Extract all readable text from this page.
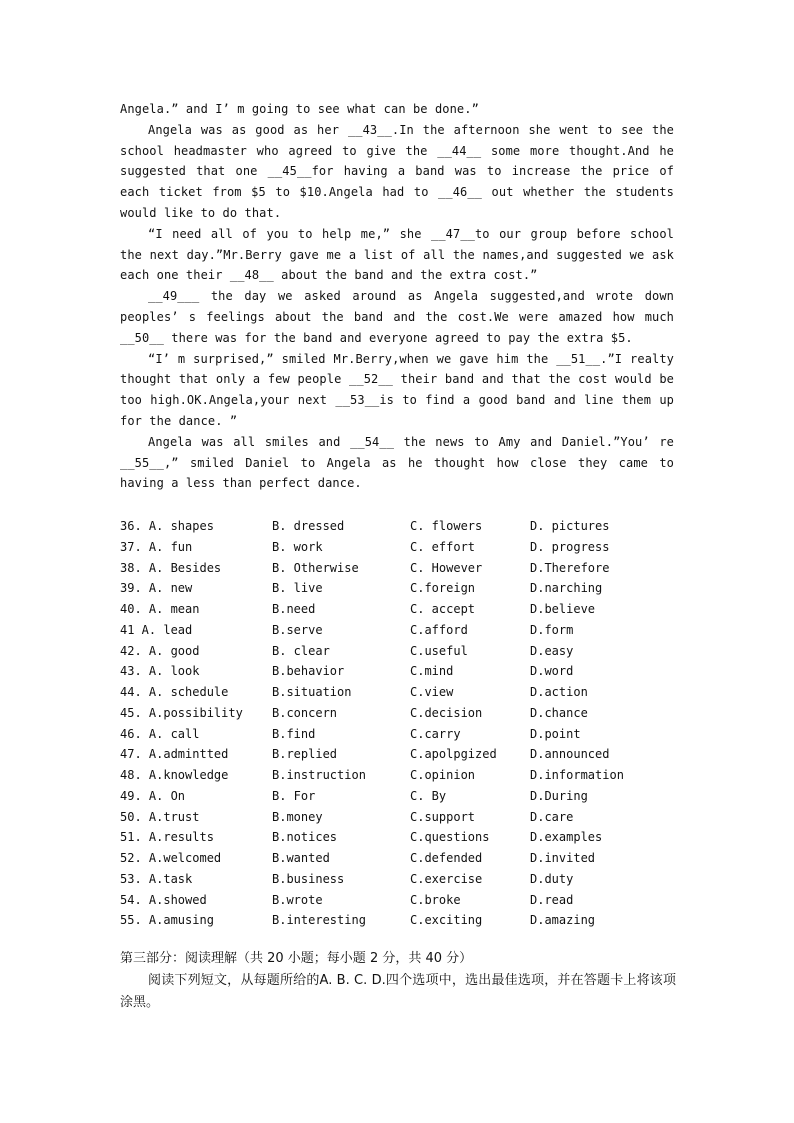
Angela.” and I’ m going to see what can be done.”

Angela was as good as her __43__.In the afternoon she went to see the school headmaster who agreed to give the __44__ some more thought.And he suggested that one __45__for having a band was to increase the price of each ticket from $5 to $10.Angela had to __46__ out whether the students would like to do that.

“I need all of you to help me,” she __47__to our group before school the next day.”Mr.Berry gave me a list of all the names,and suggested we ask each one their __48__ about the band and the extra cost.”

__49___ the day we asked around as Angela suggested,and wrote down peoples’ s feelings about the band and the cost.We were amazed how much __50__ there was for the band and everyone agreed to pay the extra $5.

“I’ m surprised,” smiled Mr.Berry,when we gave him the __51__.”I realty thought that only a few people __52__ their band and that the cost would be too high.OK.Angela,your next __53__is to find a good band and line them up for the dance. ”

Angela was all smiles and __54__ the news to Amy and Daniel.”You’ re __55__,” smiled Daniel to Angela as he thought how close they came to having a less than perfect dance.

36. A. shapes	B. dressed	C. flowers	D. pictures
37. A. fun	B. work	C. effort	D. progress
38. A. Besides	B. Otherwise	C. However	D.Therefore
39. A. new	B. live	C.foreign	D.narching
40. A. mean	B.need	C. accept	D.believe
41 A. lead	B.serve	C.afford	D.form
42. A. good	B. clear	C.useful	D.easy
43. A. look	B.behavior	C.mind	D.word
44. A. schedule	B.situation	C.view	D.action
45. A.possibility B.concern	C.decision	D.chance
46. A. call	B.find	C.carry	D.point
47. A.admintted	B.replied	C.apolpgized	D.announced
48. A.knowledge	B.instruction	C.opinion	D.information
49. A. On	B. For	C. By	D.During
50. A.trust	B.money	C.support	D.care
51. A.results	B.notices	C.questions	D.examples
52. A.welcomed	B.wanted	C.defended	D.invited
53. A.task	B.business	C.exercise	D.duty
54. A.showed	B.wrote	C.broke	D.read
55. A.amusing	B.interesting	C.exciting	D.amazing

第三部分：阅读理解（共 20 小题；每小题 2 分，共 40 分）

阅读下列短文，从每题所给的A. B. C. D.四个选项中，选出最佳选项，并在答题卡上将该项涂黑。
